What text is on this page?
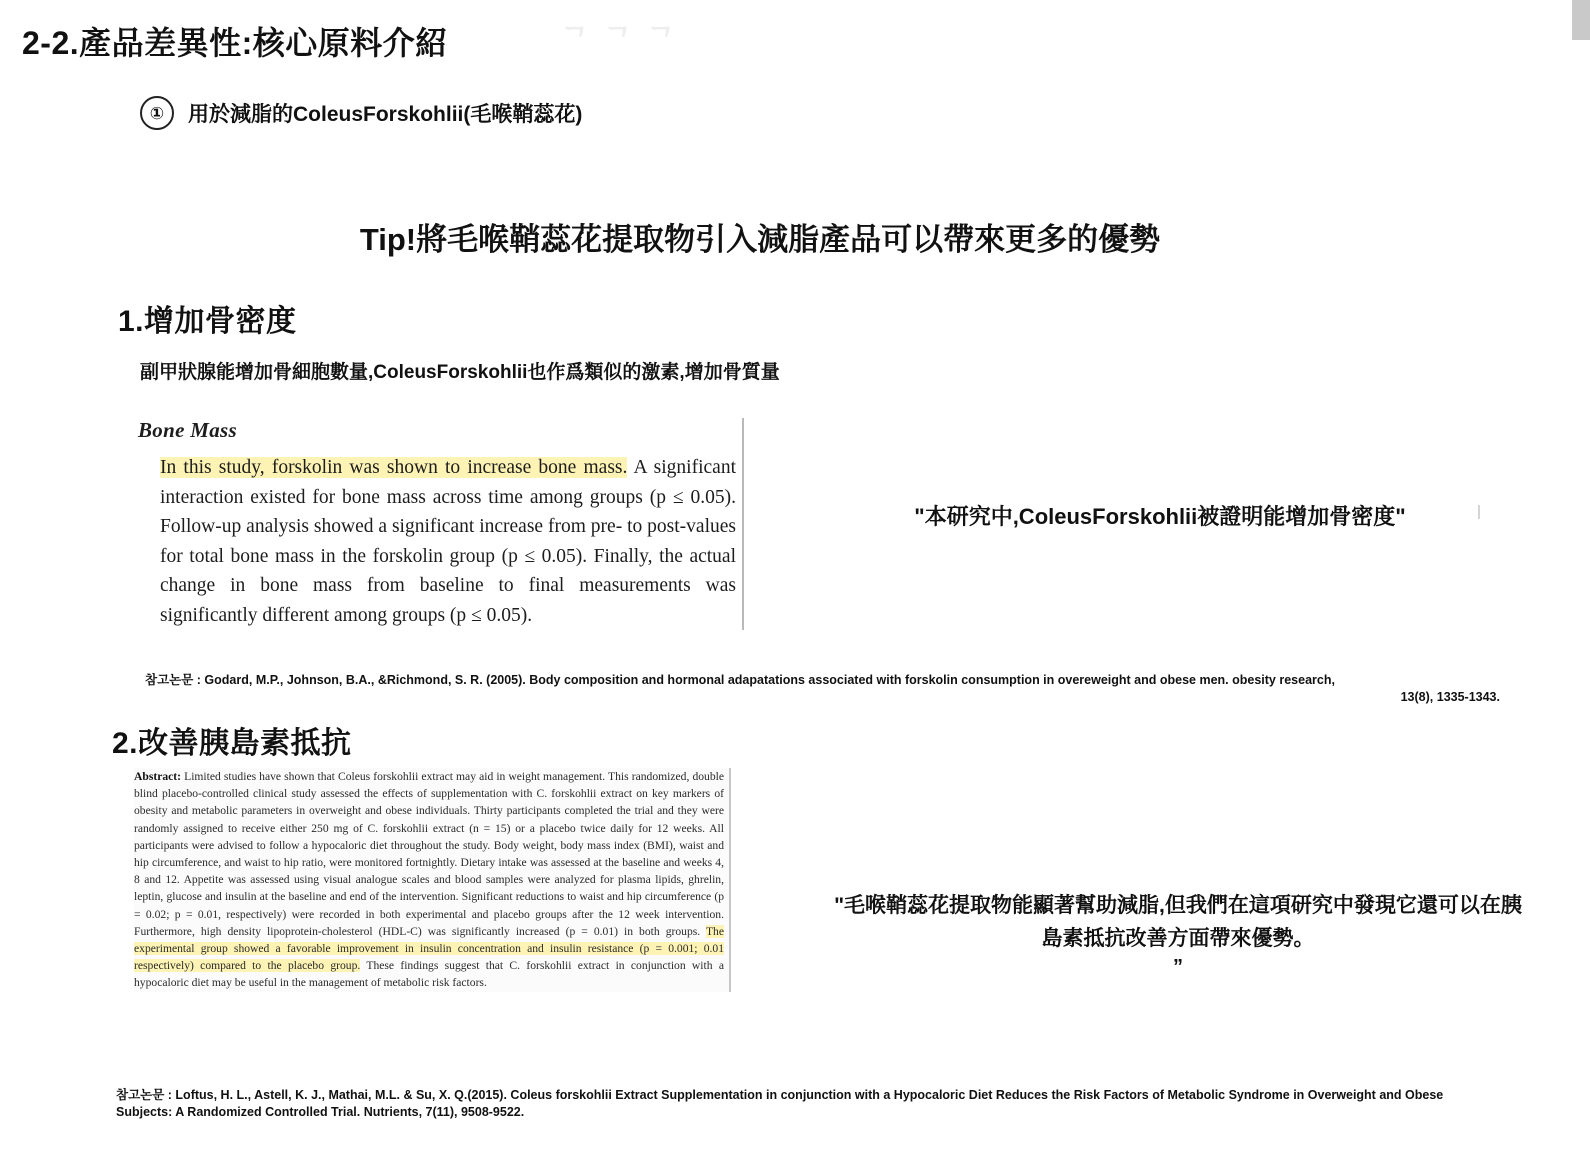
ᄀᄀᄀ
2-2.產品差異性:核心原料介紹
①	用於減脂的ColeusForskohlii(毛喉鞘蕊花)
Tip!將毛喉鞘蕊花提取物引入減脂產品可以帶來更多的優勢
1.增加骨密度
副甲狀腺能增加骨細胞數量,ColeusForskohlii也作爲類似的激素,增加骨質量

Bone Mass

In this study, forskolin was shown to increase bone mass. A significant interaction existed for bone mass across time among groups (p ≤ 0.05). Follow-up analysis showed a significant increase from pre- to post-values for total bone mass in the forskolin group (p ≤ 0.05). Finally, the actual change in bone mass from baseline to final measurements was significantly different among groups (p ≤ 0.05).

"本研究中,ColeusForskohlii被證明能增加骨密度"
참고논문 : Godard, M.P., Johnson, B.A., &Richmond, S. R. (2005). Body composition and hormonal adapatations associated with forskolin consumption in overeweight and obese men. obesity research,
13(8), 1335-1343.
2.改善胰島素抵抗
Abstract: Limited studies have shown that Coleus forskohlii extract may aid in weight management. This randomized, double blind placebo-controlled clinical study assessed the effects of supplementation with C. forskohlii extract on key markers of obesity and metabolic parameters in overweight and obese individuals. Thirty participants completed the trial and they were randomly assigned to receive either 250 mg of C. forskohlii extract (n = 15) or a placebo twice daily for 12 weeks. All participants were advised to follow a hypocaloric diet throughout the study. Body weight, body mass index (BMI), waist and hip circumference, and waist to hip ratio, were monitored fortnightly. Dietary intake was assessed at the baseline and weeks 4, 8 and 12. Appetite was assessed using visual analogue scales and blood samples were analyzed for plasma lipids, ghrelin, leptin, glucose and insulin at the baseline and end of the intervention. Significant reductions to waist and hip circumference (p = 0.02; p = 0.01, respectively) were recorded in both experimental and placebo groups after the 12 week intervention. Furthermore, high density lipoprotein-cholesterol (HDL-C) was significantly increased (p = 0.01) in both groups. The experimental group showed a favorable improvement in insulin concentration and insulin resistance (p = 0.001; 0.01 respectively) compared to the placebo group. These findings suggest that C. forskohlii extract in conjunction with a hypocaloric diet may be useful in the management of metabolic risk factors.
"毛喉鞘蕊花提取物能顯著幫助減脂,但我們在這項研究中發現它還可以在胰島素抵抗改善方面帶來優勢。
”
참고논문 : Loftus, H. L., Astell, K. J., Mathai, M.L. & Su, X. Q.(2015). Coleus forskohlii Extract Supplementation in conjunction with a Hypocaloric Diet Reduces the Risk Factors of Metabolic Syndrome in Overweight and Obese Subjects: A Randomized Controlled Trial. Nutrients, 7(11), 9508-9522.
